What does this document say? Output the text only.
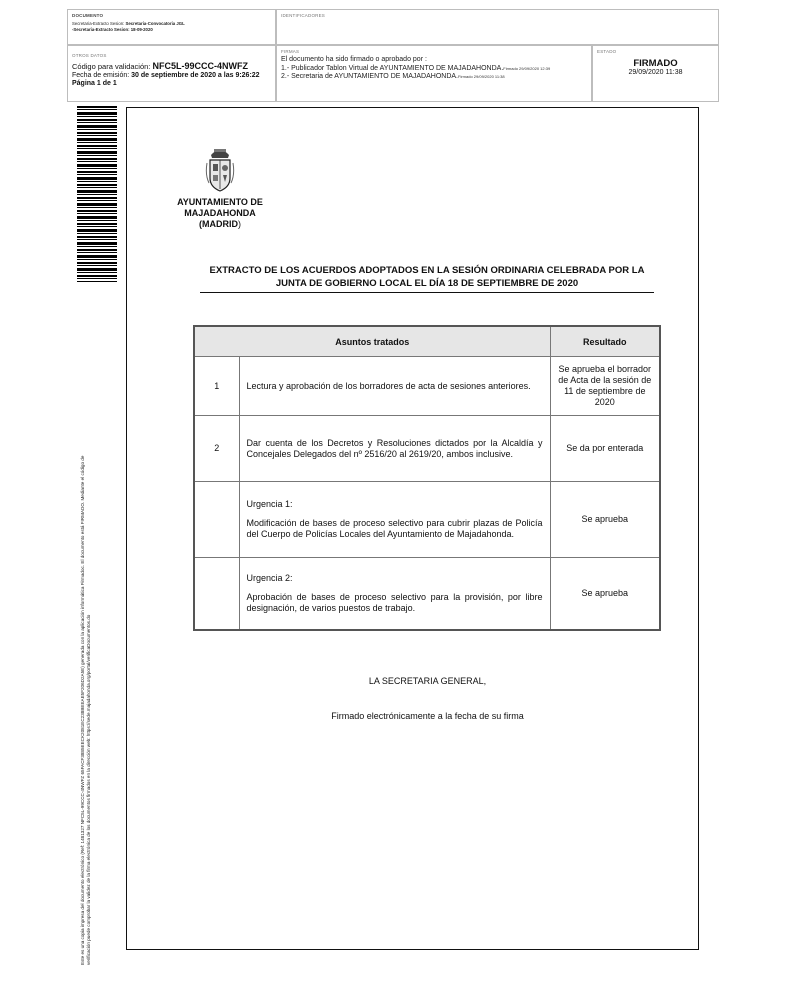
DOCUMENTO
Secretaria-Extracto Sesion: Secretaria-Convocatoria JGL
-Secretaria-Extracto Sesion: 18-09-2020
IDENTIFICADORES
OTROS DATOS
Código para validación: NFC5L-99CCC-4NWFZ
Fecha de emisión: 30 de septiembre de 2020 a las 9:26:22
Página 1 de 1
FIRMAS
El documento ha sido firmado o aprobado por :
1.- Publicador Tablon Virtual de AYUNTAMIENTO DE MAJADAHONDA.Firmado 29/09/2020 12:39
2.- Secretaria de AYUNTAMIENTO DE MAJADAHONDA.Firmado 29/09/2020 11:38
ESTADO
FIRMADO
29/09/2020 11:38
Este es una copia impresa del documento electrónico (Ref: 1481327 NFC5L-99CCC-4NWFZ 65FACF3885EECK2081EC238BEEAE5F206D2A5E) generada con la aplicación informática Firmadoc. El documento está FIRMADO. Mediante el código de verificación puede comprobar la validez de la firma electrónica de los documentos firmados en la dirección web: https://sede.majadahonda.org/portal/verificaDocumentos.do
AYUNTAMIENTO DE
MAJADAHONDA
(MADRID)
EXTRACTO DE LOS ACUERDOS ADOPTADOS EN LA SESIÓN ORDINARIA CELEBRADA POR LA
JUNTA DE GOBIERNO LOCAL EL DÍA 18 DE SEPTIEMBRE DE 2020
Asuntos tratados		Resultado
1	Lectura y aprobación de los borradores de acta de sesiones anteriores.	Se aprueba el borrador de Acta de la sesión de 11 de septiembre de 2020
2	Dar cuenta de los Decretos y Resoluciones dictados por la Alcaldía y Concejales Delegados del nº 2516/20 al 2619/20, ambos inclusive.	Se da por enterada

	Urgencia 1:
Modificación de bases de proceso selectivo para cubrir plazas de Policía del Cuerpo de Policías Locales del Ayuntamiento de Majadahonda.	Se aprueba

	Urgencia 2:
Aprobación de bases de proceso selectivo para la provisión, por libre designación, de varios puestos de trabajo.	Se aprueba
LA SECRETARIA GENERAL,
Firmado electrónicamente a la fecha de su firma
